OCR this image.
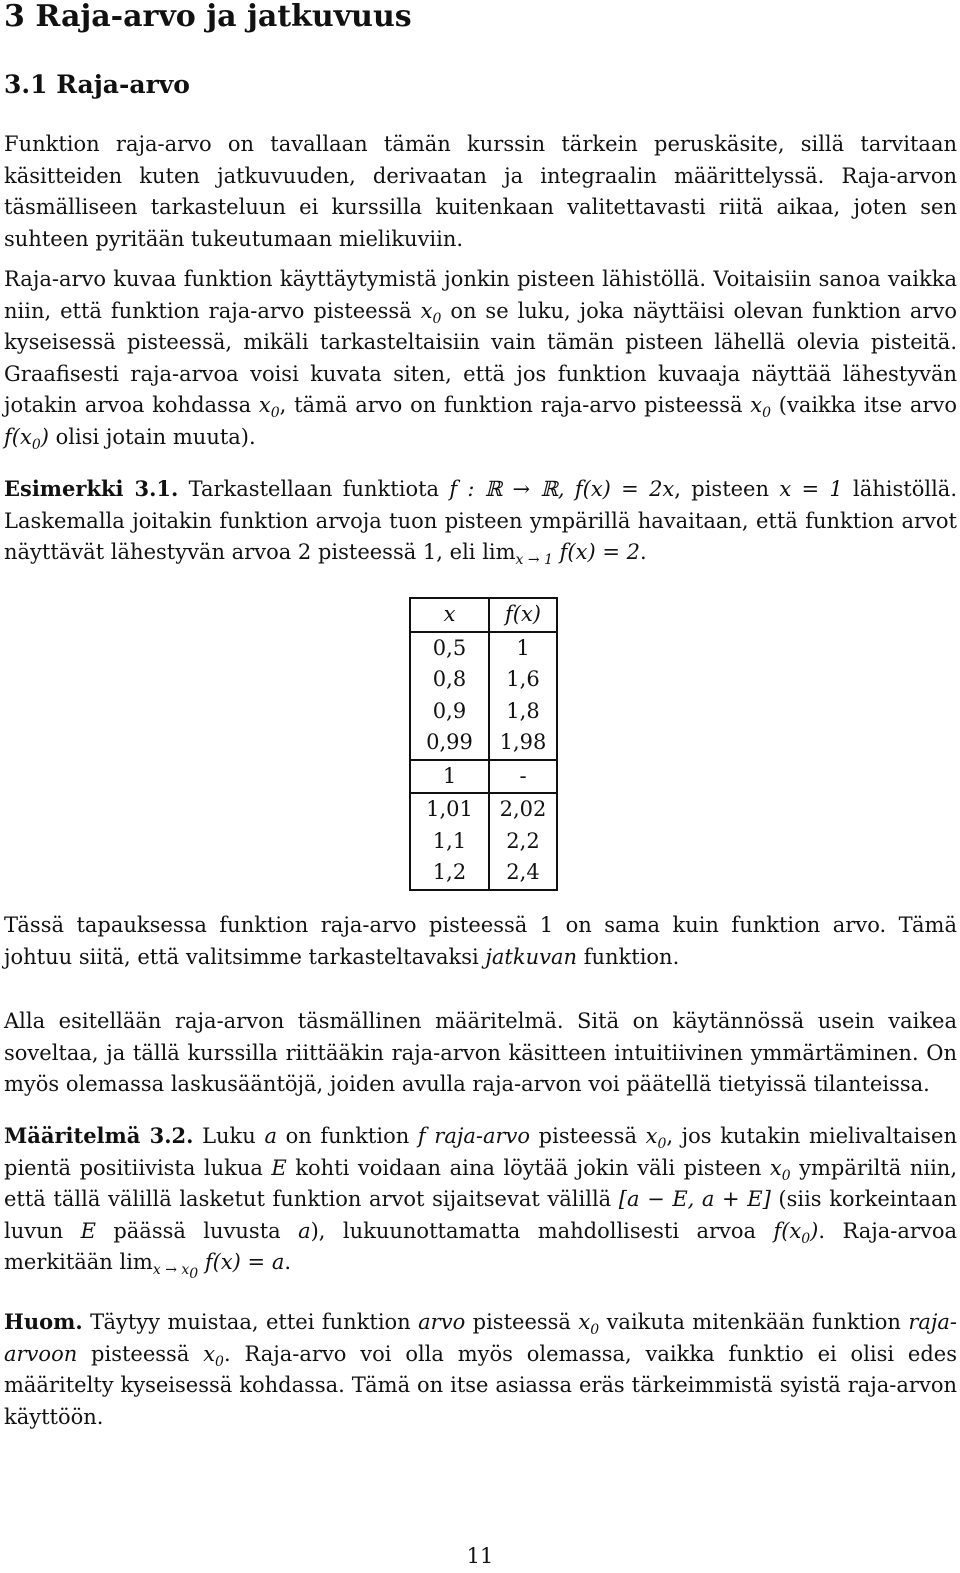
3 Raja-arvo ja jatkuvuus
3.1 Raja-arvo

Funktion raja-arvo on tavallaan tämän kurssin tärkein peruskäsite, sillä tarvitaan käsitteiden kuten jatkuvuuden, derivaatan ja integraalin määrittelyssä. Raja-arvon täsmälliseen tarkasteluun ei kurssilla kuitenkaan valitettavasti riitä aikaa, joten sen suhteen pyritään tukeutumaan mielikuviin.

Raja-arvo kuvaa funktion käyttäytymistä jonkin pisteen lähistöllä. Voitaisiin sanoa vaikka niin, että funktion raja-arvo pisteessä $x_0$ on se luku, joka näyttäisi olevan funktion arvo kyseisessä pisteessä, mikäli tarkasteltaisiin vain tämän pisteen lähellä olevia pisteitä. Graafisesti raja-arvoa voisi kuvata siten, että jos funktion kuvaaja näyttää lähestyvän jotakin arvoa kohdassa $x_0$, tämä arvo on funktion raja-arvo pisteessä $x_0$ (vaikka itse arvo $f(x_0)$ olisi jotain muuta).

Esimerkki 3.1. Tarkastellaan funktiota f : ℝ → ℝ, f(x) = 2x, pisteen x = 1 lähistöllä. Laskemalla joitakin funktion arvoja tuon pisteen ympärillä havaitaan, että funktion arvot näyttävät lähestyvän arvoa 2 pisteessä 1, eli $\lim_{x \to 1} f(x) = 2$.

x	f(x)
0,5	1
0,8	1,6
0,9	1,8
0,99	1,98
1	-
1,01	2,02
1,1	2,2
1,2	2,4

Tässä tapauksessa funktion raja-arvo pisteessä 1 on sama kuin funktion arvo. Tämä johtuu siitä, että valitsimme tarkasteltavaksi jatkuvan funktion.

Alla esitellään raja-arvon täsmällinen määritelmä. Sitä on käytännössä usein vaikea soveltaa, ja tällä kurssilla riittääkin raja-arvon käsitteen intuitiivinen ymmärtäminen. On myös olemassa laskusääntöjä, joiden avulla raja-arvon voi päätellä tietyissä tilanteissa.

Määritelmä 3.2. Luku a on funktion f raja-arvo pisteessä $x_0$, jos kutakin mielivaltaisen pientä positiivista lukua E kohti voidaan aina löytää jokin väli pisteen $x_0$ ympäriltä niin, että tällä välillä lasketut funktion arvot sijaitsevat välillä [a − E, a + E] (siis korkeintaan luvun E päässä luvusta a), lukuunottamatta mahdollisesti arvoa $f(x_0)$. Raja-arvoa merkitään $\lim_{x \to x_0} f(x) = a$.

Huom. Täytyy muistaa, ettei funktion arvo pisteessä $x_0$ vaikuta mitenkään funktion raja-arvoon pisteessä $x_0$. Raja-arvo voi olla myös olemassa, vaikka funktio ei olisi edes määritelty kyseisessä kohdassa. Tämä on itse asiassa eräs tärkeimmistä syistä raja-arvon käyttöön.

11
